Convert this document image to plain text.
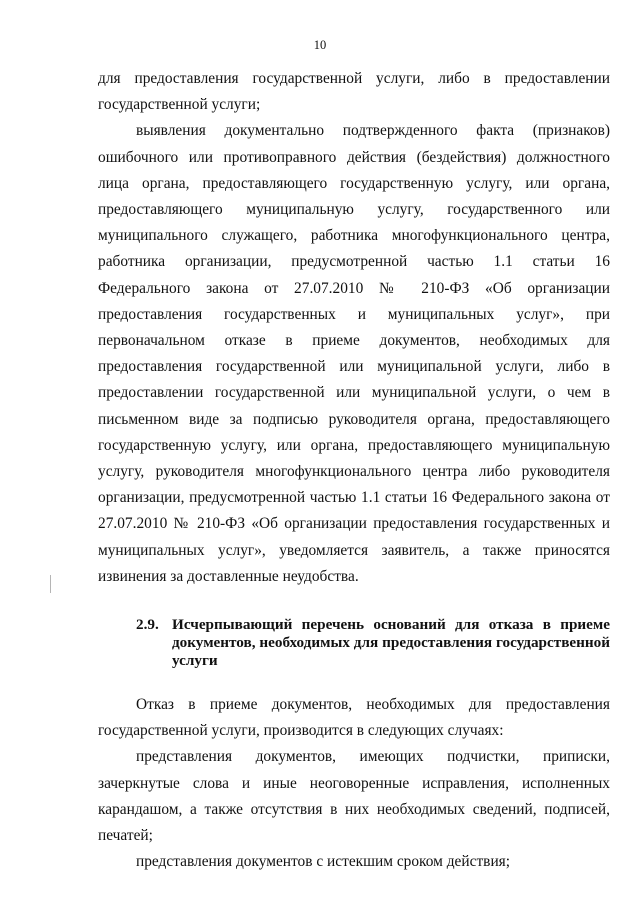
10

для предоставления государственной услуги, либо в предоставлении государственной услуги;

выявления документально подтвержденного факта (признаков) ошибочного или противоправного действия (бездействия) должностного лица органа, предоставляющего государственную услугу, или органа, предоставляющего муниципальную услугу, государственного или муниципального служащего, работника многофункционального центра, работника организации, предусмотренной частью 1.1 статьи 16 Федерального закона от 27.07.2010 № 210-ФЗ «Об организации предоставления государственных и муниципальных услуг», при первоначальном отказе в приеме документов, необходимых для предоставления государственной или муниципальной услуги, либо в предоставлении государственной или муниципальной услуги, о чем в письменном виде за подписью руководителя органа, предоставляющего государственную услугу, или органа, предоставляющего муниципальную услугу, руководителя многофункционального центра либо руководителя организации, предусмотренной частью 1.1 статьи 16 Федерального закона от 27.07.2010 № 210-ФЗ «Об организации предоставления государственных и муниципальных услуг», уведомляется заявитель, а также приносятся извинения за доставленные неудобства.

2.9. Исчерпывающий перечень оснований для отказа в приеме документов, необходимых для предоставления государственной услуги

Отказ в приеме документов, необходимых для предоставления государственной услуги, производится в следующих случаях:

представления документов, имеющих подчистки, приписки, зачеркнутые слова и иные неоговоренные исправления, исполненных карандашом, а также отсутствия в них необходимых сведений, подписей, печатей;

представления документов с истекшим сроком действия;
